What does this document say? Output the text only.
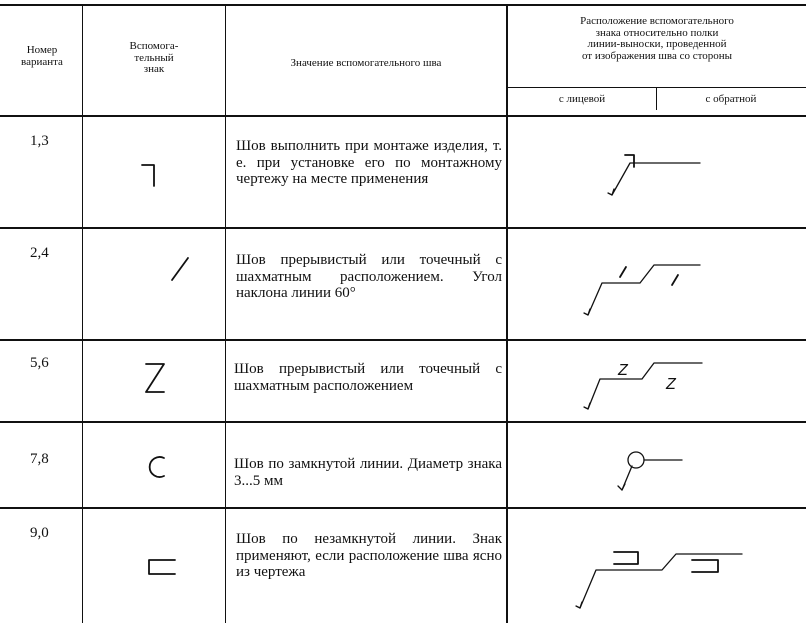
Номер
варианта
Вспомога-
тельный
знак
Значение вспомогательного шва
Расположение вспомогательного
знака относительно полки
линии-выноски, проведенной
от изображения шва со стороны
с лицевой	с обратной
1,3	Шов выполнить при монтаже изделия, т. е. при установке его по монтажному чертежу на месте применения
2,4	Шов прерывистый или точечный с шахматным расположением. Угол наклона линии 60°
5,6	Шов прерывистый или точечный с шахматным расположением
Z
Z
7,8	Шов по замкнутой линии. Диаметр знака 3...5 мм
9,0	Шов по незамкнутой линии. Знак применяют, если расположение шва ясно из чертежа
